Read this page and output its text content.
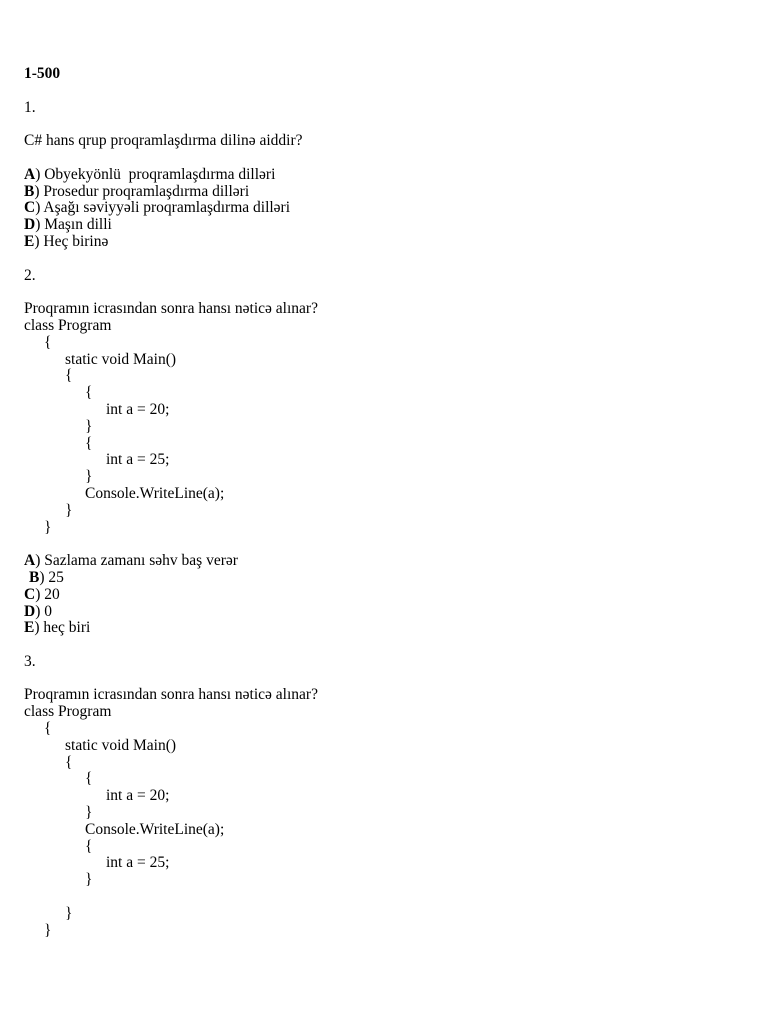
1-500
1.
C# hans qrup proqramlaşdırma dilinə aiddir?
A) Obyekyönlü  proqramlaşdırma dilləri
B) Prosedur proqramlaşdırma dilləri
C) Aşağı səviyyəli proqramlaşdırma dilləri
D) Maşın dilli
E) Heç birinə
2.
Proqramın icrasından sonra hansı nəticə alınar?
class Program
{
static void Main()
{
{
int a = 20;
}
{
int a = 25;
}
Console.WriteLine(a);
}
}
A) Sazlama zamanı səhv baş verər
B) 25
C) 20
D) 0
E) heç biri
3.
Proqramın icrasından sonra hansı nəticə alınar?
class Program
{
static void Main()
{
{
int a = 20;
}
Console.WriteLine(a);
{
int a = 25;
}
}
}
